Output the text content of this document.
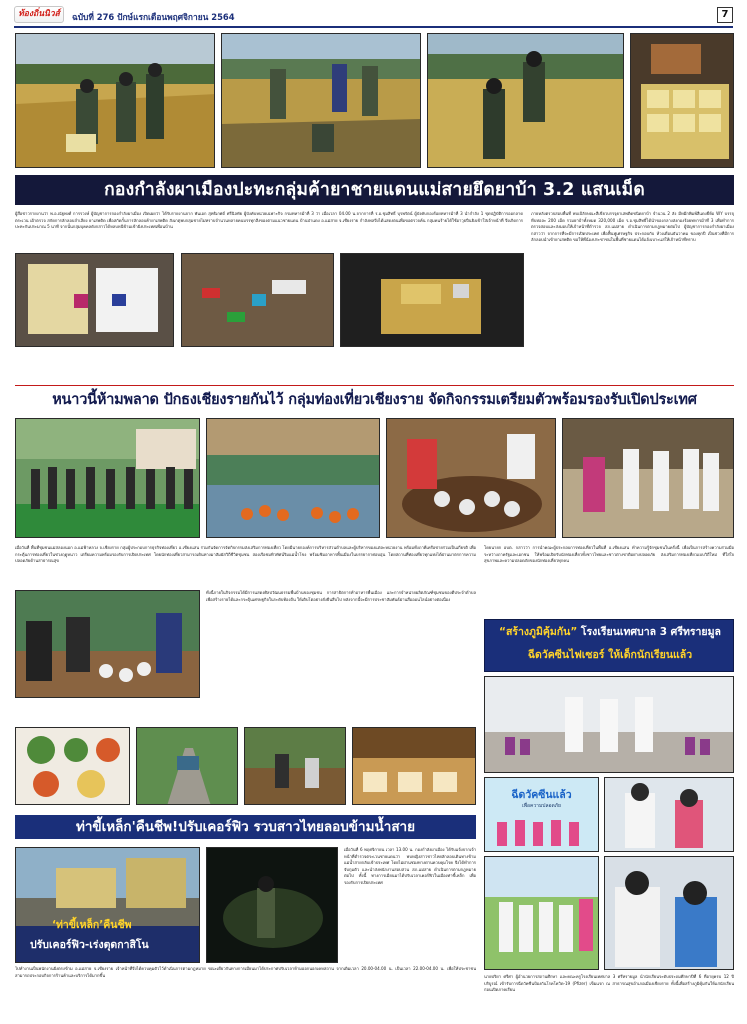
ท้องถิ่นนิวส์	ฉบับที่ 276 ปักษ์แรกเดือนพฤศจิกายน 2564	7
กองกำลังผาเมืองปะทะกลุ่มค้ายาชายแดนแม่สายยึดยาบ้า 3.2 แสนเม็ด
ผู้สื่อข่าวรายงานว่า พ.อ.ณัฐพงศ์ การรวงษ์ ผู้บัญชาการกองกำลังผาเมือง เปิดเผยว่า ได้รับรายงานจาก พันเอก สุทธิเกศต์ ศรีนิลทัย ผู้บังคับหน่วยเฉพาะกิจ กรมทหารม้าที่ 3 ว่า เมื่อเวลา 04.00 น.จากการที่ ร.อ.ชุมสิทธิ์ บุรพรัตน์ ผู้บังคับกองร้อยทหารม้าที่ 3 นำกำลัง 1 ชุดปฏิบัติการออกลาดตระเวน เฝ้าตรวจ สกัดการลักลอบลำเลียง ยาเสพติด เพื่อสกัดกั้นการลักลอบค้ายาเสพติด สังเกตุพบกลุ่มชายไม่ทราบจำนวนหลายคนบรรทุกสิ่งของตามแนวชายแดน บ้านป่าแดง อ.แม่สาย จ.เชียงราย กำลังพลจึงได้แสดงตนเพื่อขอตรวจค้น กลุ่มคนร้ายได้ใช้อาวุธปืนยิงเข้าใส่เจ้าหน้าที่ จึงเกิดการปะทะกันประมาณ 5 นาที จากนั้นกลุ่มบุคคลดังกล่าวได้หลบหนีข้ามเข้าฝั่งประเทศเพื่อนบ้าน
ภายหลังตรวจสอบพื้นที่ พบเป้ลักษณะสีเขียวบรรจุยาเสพติดชนิดยาบ้า จำนวน 2 ลัง มีหมึกพิมพ์สีแดงยี่ห้อ WY บรรจุหีบห่อละ 200 เม็ด รวมยาบ้าทั้งหมด 320,000 เม็ด ร.อ.ชุมสิทธิ์ได้นำของกลางส่งกองร้อยทหารม้าที่ 3 เพื่อทำการตรวจสอบและส่งมอบให้เจ้าหน้าที่ตำรวจ สภ.แม่สาย ดำเนินการตามกฎหมายต่อไป ผู้บัญชาการกองกำลังผาเมือง กล่าวว่า จากการที่จะมีการเปิดประเทศ เพื่อฟื้นฟูเศรษฐกิจ ประกอบกับ ห้วงเดือนธันวาคม ของทุกปี เป็นช่วงที่มีการลักลอบนำเข้ายาเสพติด ขอให้พี่น้องประชาชนในพื้นที่ชายแดนได้แจ้งเบาะแสให้เจ้าหน้าที่ทราบ
หนาวนี้ห้ามพลาด ปักธงเชียงรายกันไว้ กลุ่มท่องเที่ยวเชียงราย จัดกิจกรรมเตรียมตัวพร้อมรองรับเปิดประเทศ
เมื่อวันที่ พื้นที่ชุมชนแม่สลองนอก อ.แม่ฟ้าหลวง จ.เชียงราย กลุ่มผู้ประกอบการธุรกิจท่องเที่ยว อ.เชียงแสน ร่วมกันจัดการจัดกิจกรรมส่งเสริมการท่องเที่ยว โดยมีนายกองค์การบริหารส่วนตำบลและผู้บริหารของแต่ละหน่วยงาน พร้อมทั้งภาคีเครือข่ายร่วมเป็นเกียรติ เพื่อกระตุ้นการท่องเที่ยวในช่วงฤดูหนาว เตรียมความพร้อมรองรับการเปิดประเทศ โดยนักท่องเที่ยวสามารถเดินทางมาสัมผัสวิถีชีวิตชุมชน ล่องเรือชมทิวทัศน์ริมแม่น้ำโขง พร้อมชิมอาหารพื้นเมืองในบรรยากาศอบอุ่น โดยสถานที่ท่องเที่ยวทุกแห่งได้ผ่านมาตรการความปลอดภัยด้านสาธารณสุข
โดยนายก อบต. กล่าวว่า การนำคณะผู้ประกอบการท่องเที่ยวในพื้นที่ อ.เชียงแสน ทำความรู้จักชุมชนในครั้งนี้ เพื่อเป็นการสร้างความร่วมมือระหว่างภาครัฐและเอกชน ให้พร้อมเปิดรับนักท่องเที่ยวทั้งชาวไทยและชาวต่างชาติอย่างปลอดภัย ส่งเสริมการท่องเที่ยวแบบวิถีใหม่ ที่ใส่ใจสุขภาพและความปลอดภัยของนักท่องเที่ยวทุกคน
ทั้งนี้ภายในกิจกรรมได้มีการแสดงศิลปวัฒนธรรมพื้นบ้านของชุมชน การสาธิตการทำอาหารพื้นเมือง และการจำหน่ายผลิตภัณฑ์ชุมชนของดีประจำตำบล เพื่อสร้างรายได้และกระตุ้นเศรษฐกิจในระดับท้องถิ่น ให้เติบโตอย่างยั่งยืนสืบไป หลังจากนี้จะมีการประชาสัมพันธ์ผ่านสื่อออนไลน์อย่างต่อเนื่อง
“สร้างภูมิคุ้มกัน” โรงเรียนเทศบาล 3 ศรีทรายมูล
ฉีดวัคซีนไฟเซอร์ ให้เด็กนักเรียนแล้ว
ฉีดวัคซีนแล้ว
เพื่อความปลอดภัย
นายปริยา ศรีศา ผู้อำนวยการสถานศึกษา และคณะครูโรงเรียนเทศบาล 3 ศรีทรายมูล นำนักเรียนระดับประถมศึกษาปีที่ 6 ที่อายุครบ 12 ปี บริบูรณ์ เข้ารับการฉีดวัคซีนป้องกันโรคโควิด-19 (Pfizer) เข็มแรก ณ สาธารณสุขอำเภอเมืองเชียงราย ทั้งนี้เพื่อสร้างภูมิคุ้มกันให้แก่นักเรียนก่อนเปิดภาคเรียน
ท่าขี้เหล็ก'คืนชีพ!ปรับเคอร์ฟิว รวบสาวไทยลอบข้ามน้ำสาย
‘ท่าขี้เหล็ก’คืนชีพ
ปรับเคอร์ฟิว-เร่งตุดกาสิโน
เมื่อวันที่ 6 พฤศจิกายน เวลา 13.00 น. กองกำลังผาเมือง ได้รับแจ้งจากเจ้าหน้าที่ตำรวจตระเวนชายแดนว่า พบหญิงสาวชาวไทยลักลอบเดินทางข้ามแม่น้ำสายกลับเข้าประเทศ โดยไม่ผ่านช่องทางด่านควบคุมโรค จึงได้ทำการจับกุมตัว และนำส่งพนักงานสอบสวน สภ.แม่สาย ดำเนินการตามกฎหมายต่อไป ทั้งนี้ ทางการเมียนมาได้ปรับเวลาเคอร์ฟิวในเมืองท่าขี้เหล็ก เพื่อรองรับการเปิดประเทศ
ไปทำงานเป็นพนักงานฝั่งตรงข้าม อ.แม่สาย จ.เชียงราย เจ้าหน้าที่จึงได้ควบคุมตัวไว้ดำเนินการตามกฎหมาย ขณะเดียวกันทางการเมียนมาได้ประกาศปรับเวลาห้ามออกนอกเคหสถาน จากเดิมเวลา 20.00-04.00 น. เป็นเวลา 22.00-04.00 น. เพื่อให้ประชาชนสามารถประกอบกิจการร้านค้าและบริการได้มากขึ้น
